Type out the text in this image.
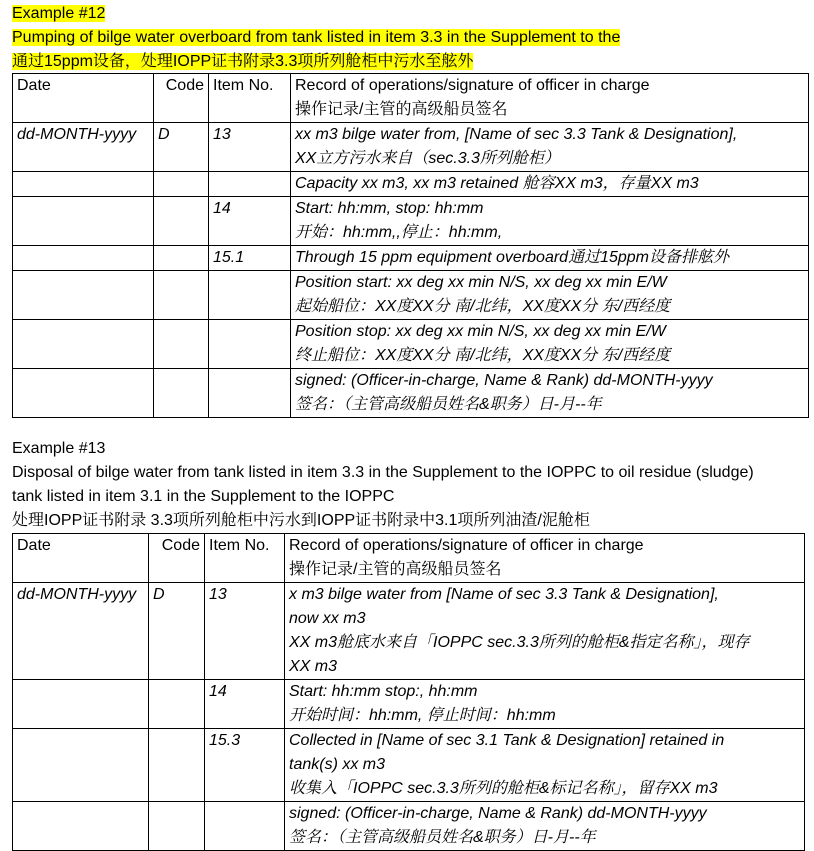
Example #12
Pumping of bilge water overboard from tank listed in item 3.3 in the Supplement to the
通过15ppm设备，处理IOPP证书附录3.3项所列舱柜中污水至舷外
Date	Code	Item No.	Record of operations/signature of officer in charge
操作记录/主管的高级船员签名

dd-MONTH-yyyy	D	13	xx m3 bilge water from, [Name of sec 3.3 Tank & Designation],
XX立方污水来自（sec.3.3所列舱柜）

			Capacity xx m3, xx m3 retained 舱容XX m3，存量XX m3

		14	Start: hh:mm, stop: hh:mm
开始：hh:mm,,停止：hh:mm,

		15.1	Through 15 ppm equipment overboard通过15ppm设备排舷外

			Position start: xx deg xx min N/S, xx deg xx min E/W
起始船位：XX度XX分 南/北纬，XX度XX分 东/西经度

			Position stop: xx deg xx min N/S, xx deg xx min E/W
终止船位：XX度XX分 南/北纬，XX度XX分 东/西经度

			signed: (Officer-in-charge, Name & Rank) dd-MONTH-yyyy
签名：（主管高级船员姓名&职务）日-月--年
Example #13
Disposal of bilge water from tank listed in item 3.3 in the Supplement to the IOPPC to oil residue (sludge)
tank listed in item 3.1 in the Supplement to the IOPPC
处理IOPP证书附录 3.3项所列舱柜中污水到IOPP证书附录中3.1项所列油渣/泥舱柜
Date	Code	Item No.	Record of operations/signature of officer in charge
操作记录/主管的高级船员签名

dd-MONTH-yyyy	D	13	x m3 bilge water from [Name of sec 3.3 Tank & Designation],
now xx m3
XX m3舱底水来自「IOPPC sec.3.3所列的舱柜&指定名称」，现存
XX m3

		14	Start: hh:mm stop:, hh:mm
开始时间：hh:mm, 停止时间：hh:mm

		15.3	Collected in [Name of sec 3.1 Tank & Designation] retained in
tank(s) xx m3
收集入「IOPPC sec.3.3所列的舱柜&标记名称」，留存XX m3

			signed: (Officer-in-charge, Name & Rank) dd-MONTH-yyyy
签名：（主管高级船员姓名&职务）日-月--年
